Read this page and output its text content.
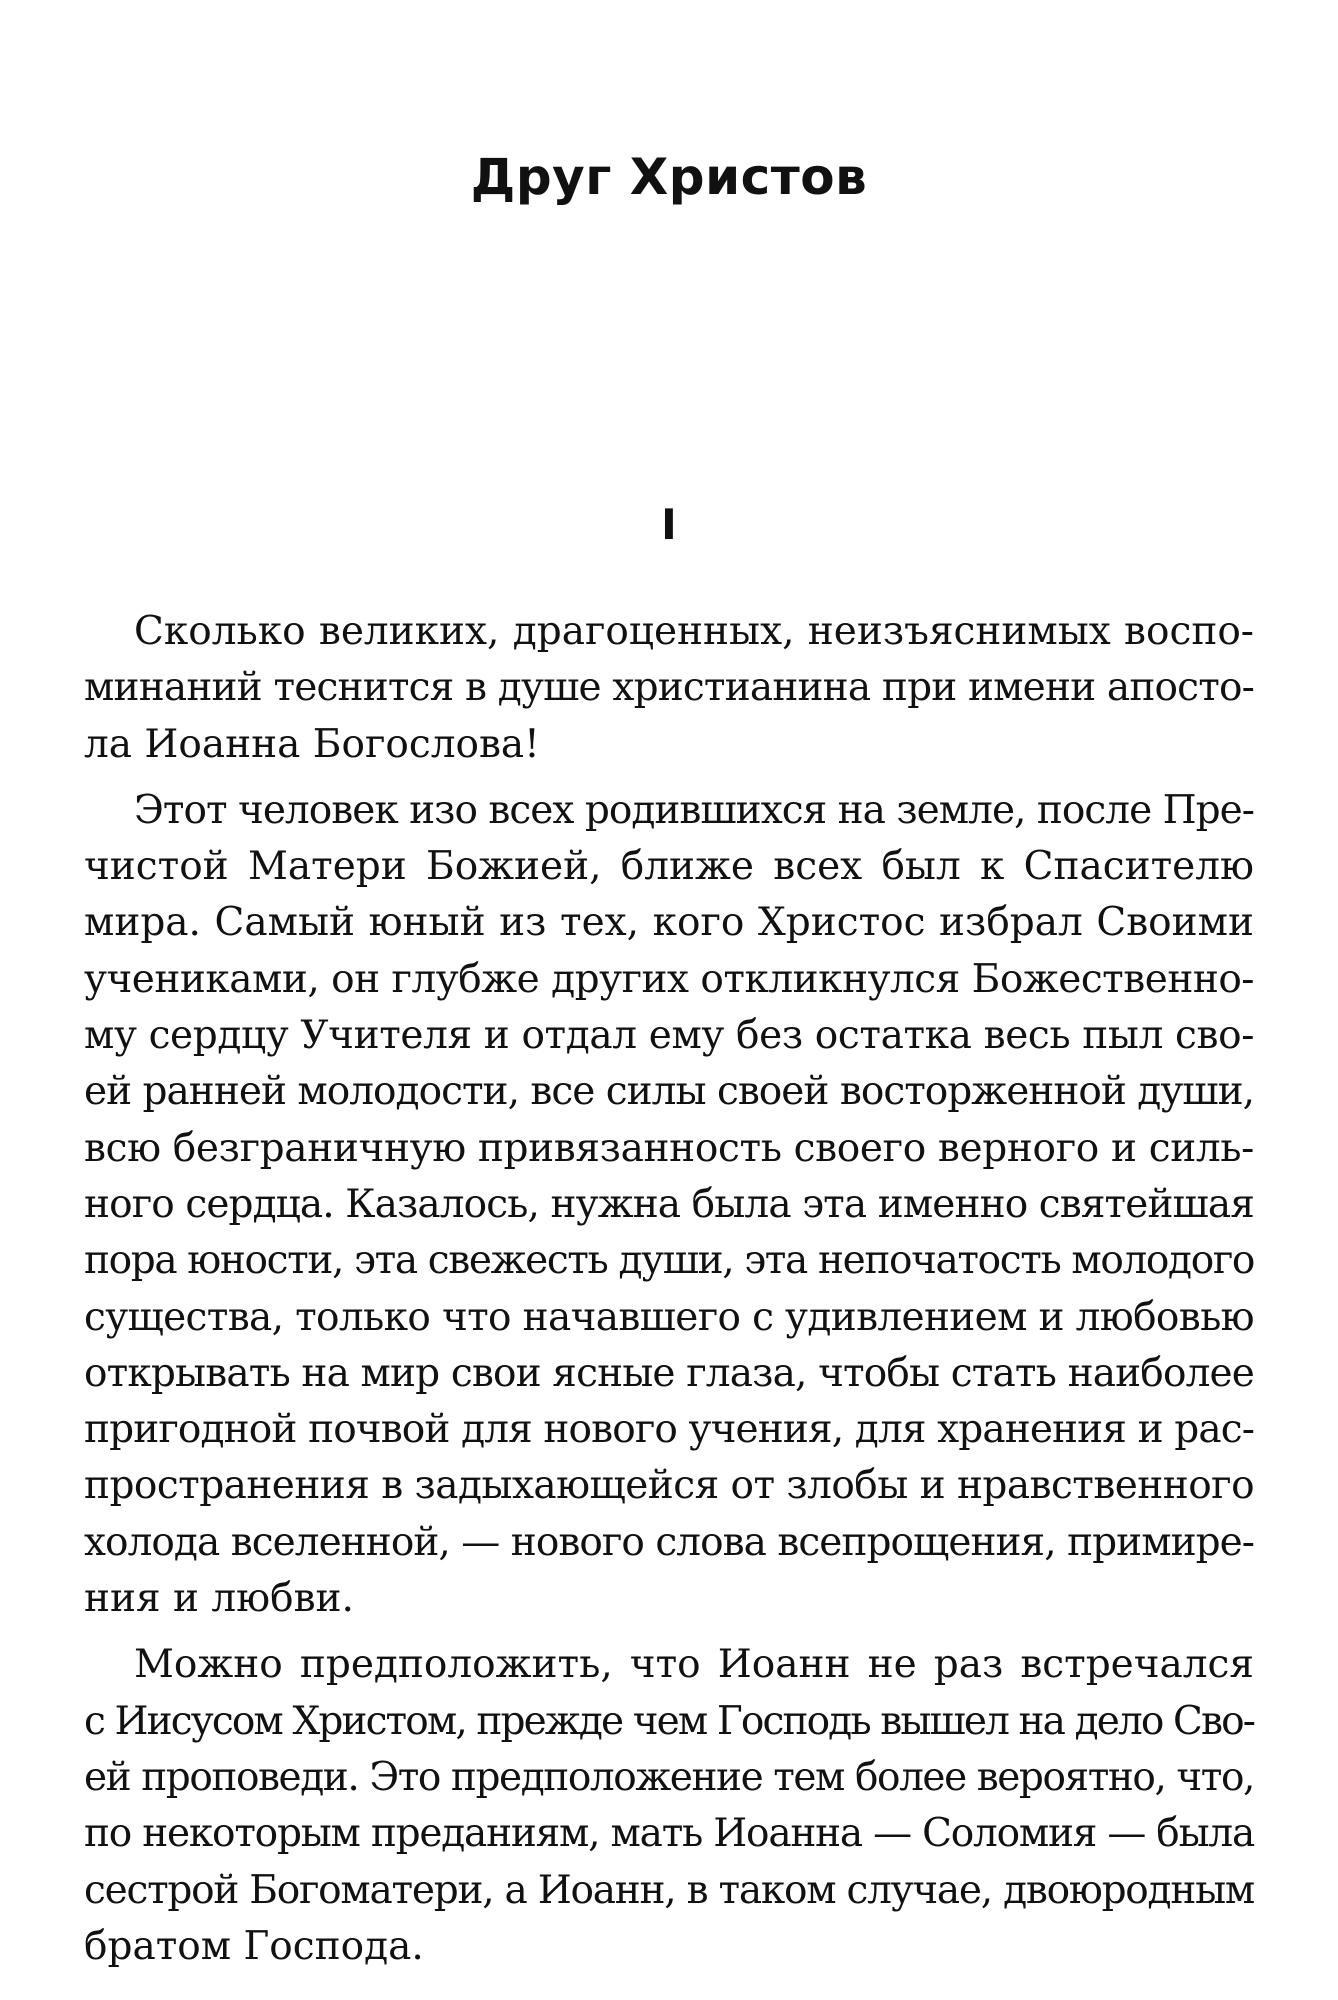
Друг Христов
I
Сколько великих, драгоценных, неизъяснимых воспо-
минаний теснится в душе христианина при имени апосто-
ла Иоанна Богослова!
Этот человек изо всех родившихся на земле, после Пре-
чистой Матери Божией, ближе всех был к Спасителю
мира. Самый юный из тех, кого Христос избрал Своими
учениками, он глубже других откликнулся Божественно-
му сердцу Учителя и отдал ему без остатка весь пыл сво-
ей ранней молодости, все силы своей восторженной души,
всю безграничную привязанность своего верного и силь-
ного сердца. Казалось, нужна была эта именно святейшая
пора юности, эта свежесть души, эта непочатость молодого
существа, только что начавшего с удивлением и любовью
открывать на мир свои ясные глаза, чтобы стать наиболее
пригодной почвой для нового учения, для хранения и рас-
пространения в задыхающейся от злобы и нравственного
холода вселенной, — нового слова всепрощения, примире-
ния и любви.
Можно предположить, что Иоанн не раз встречался
с Иисусом Христом, прежде чем Господь вышел на дело Сво-
ей проповеди. Это предположение тем более вероятно, что,
по некоторым преданиям, мать Иоанна — Соломия — была
сестрой Богоматери, а Иоанн, в таком случае, двоюродным
братом Господа.
